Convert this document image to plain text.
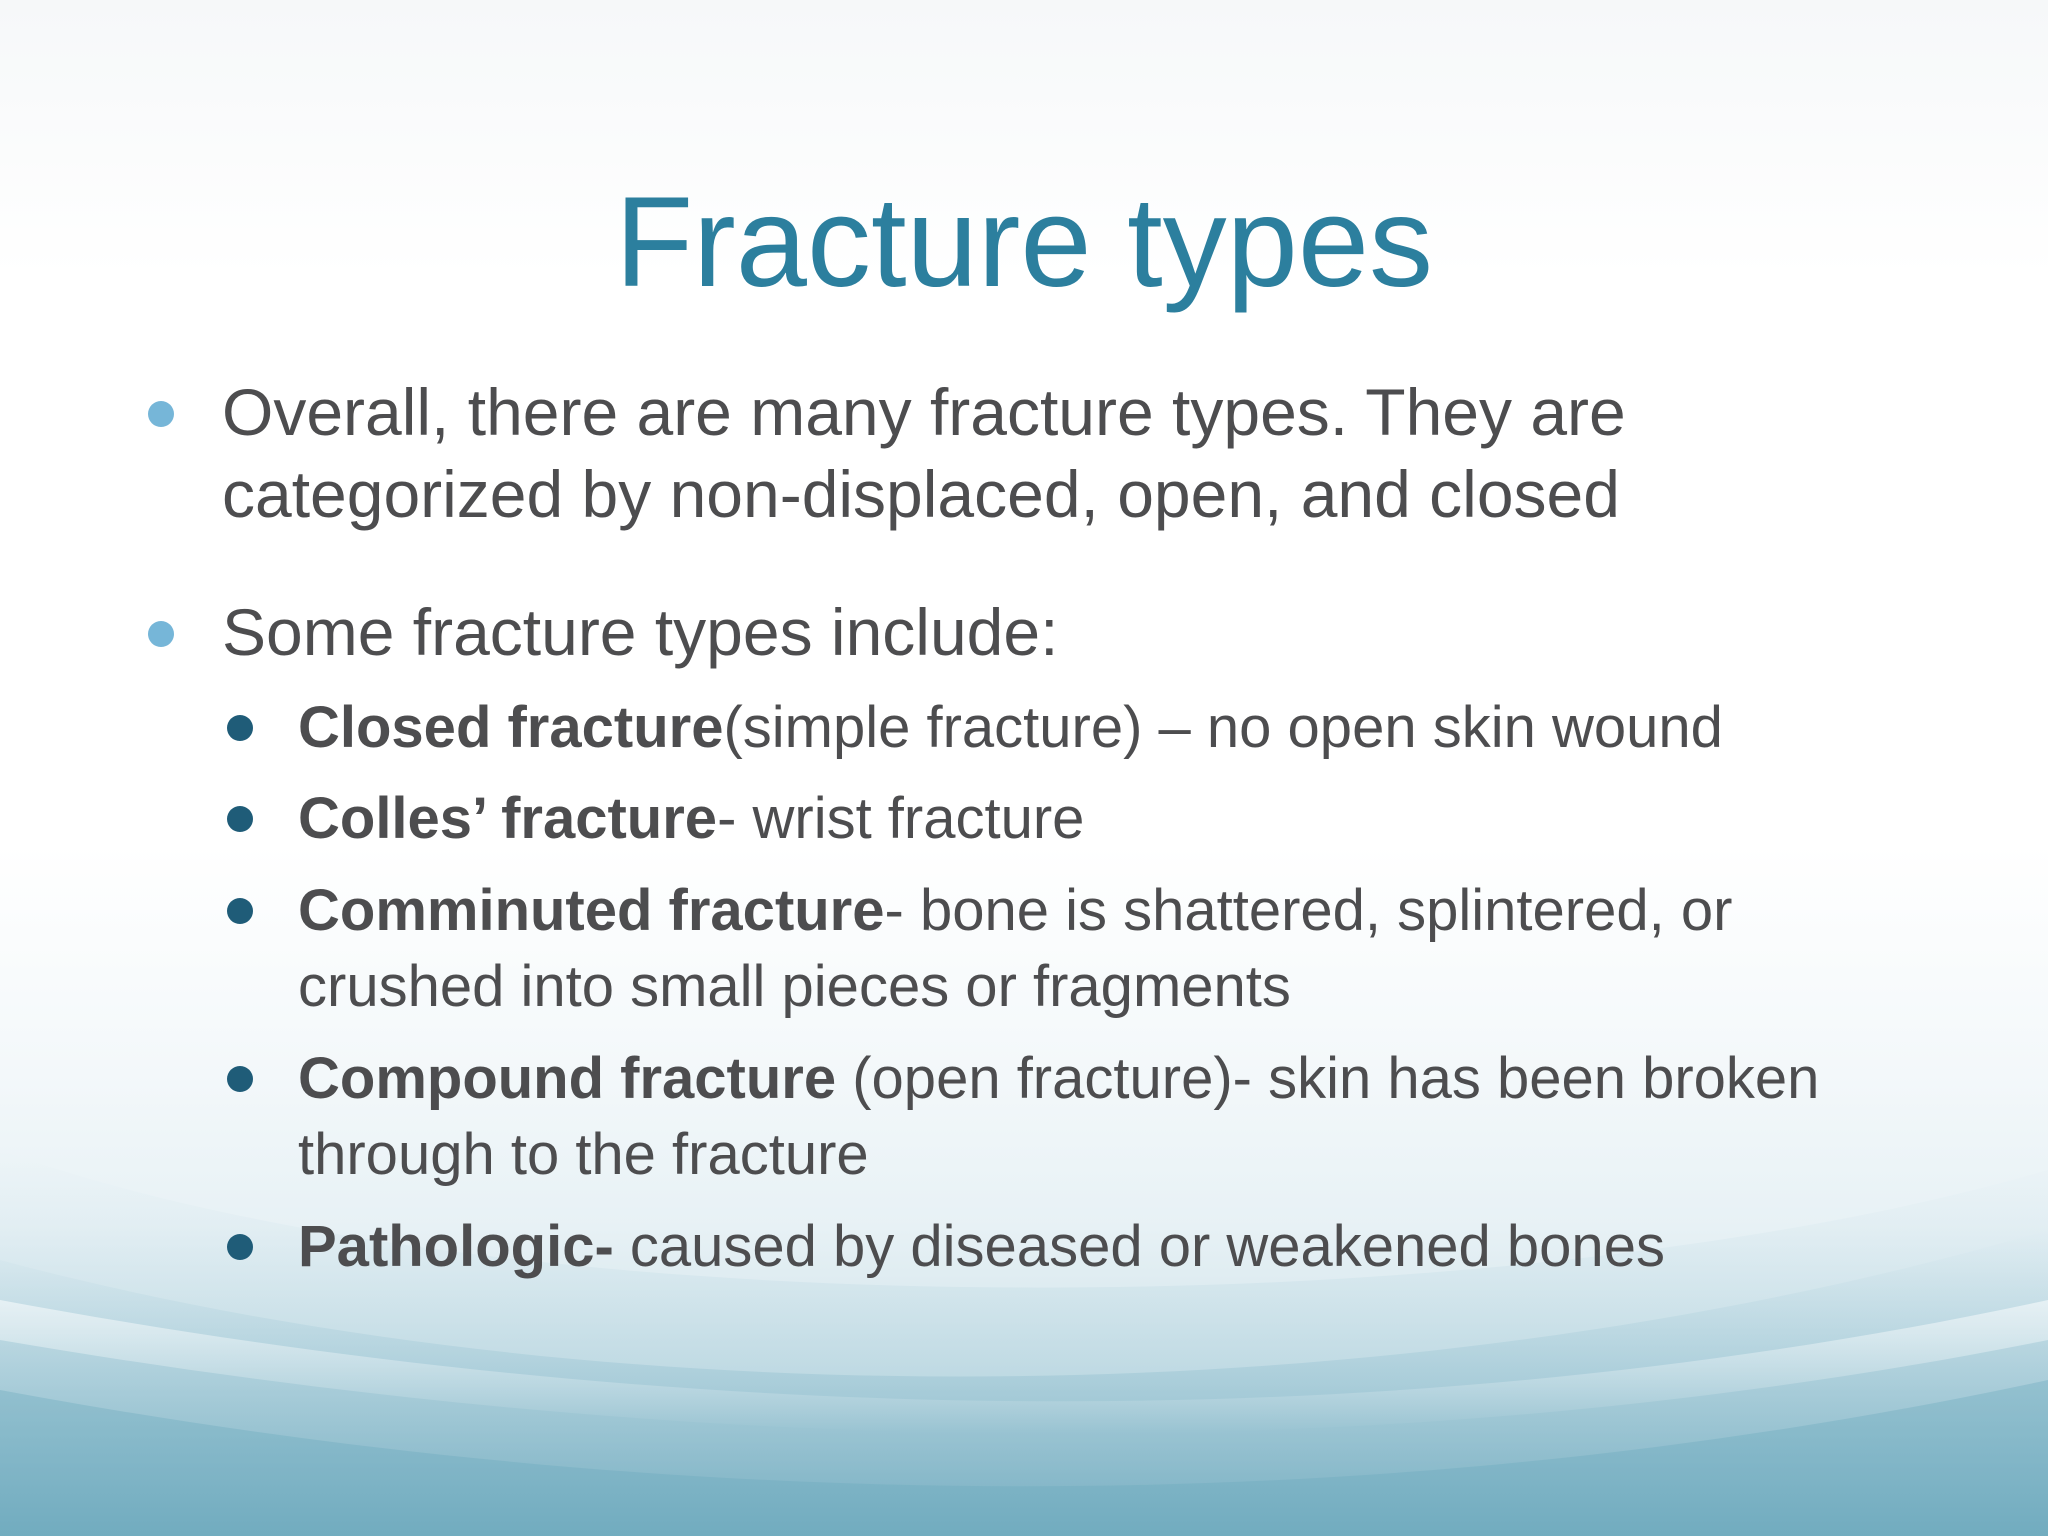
Fracture types
Overall, there are many fracture types. They are categorized by non-displaced, open, and closed
Some fracture types include:
Closed fracture(simple fracture) – no open skin wound
Colles’ fracture- wrist fracture
Comminuted fracture- bone is shattered, splintered, or crushed into small pieces or fragments
Compound fracture (open fracture)- skin has been broken through to the fracture
Pathologic- caused by diseased or weakened bones
